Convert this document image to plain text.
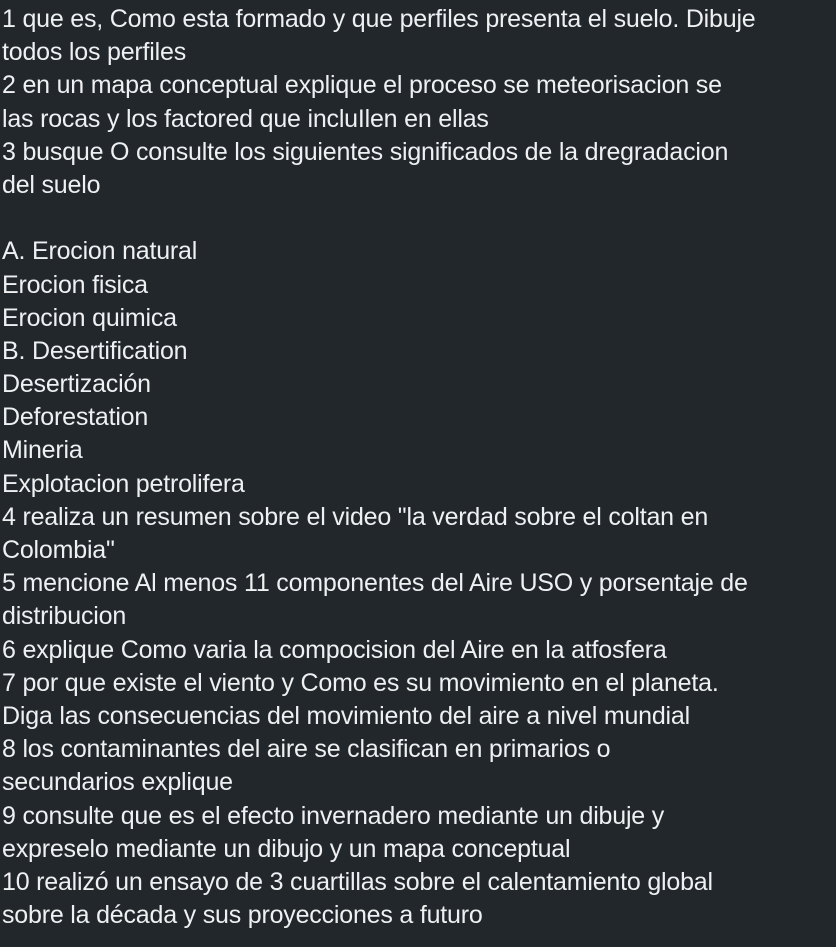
1 que es, Como esta formado y que perfiles presenta el suelo. Dibuje
todos los perfiles
2 en un mapa conceptual explique el proceso se meteorisacion se
las rocas y los factored que incluIlen en ellas
3 busque O consulte los siguientes significados de la dregradacion
del suelo
A. Erocion natural
Erocion fisica
Erocion quimica
B. Desertification
Desertización
Deforestation
Mineria
Explotacion petrolifera
4 realiza un resumen sobre el video "la verdad sobre el coltan en
Colombia"
5 mencione Al menos 11 componentes del Aire USO y porsentaje de
distribucion
6 explique Como varia la compocision del Aire en la atfosfera
7 por que existe el viento y Como es su movimiento en el planeta.
Diga las consecuencias del movimiento del aire a nivel mundial
8 los contaminantes del aire se clasifican en primarios o
secundarios explique
9 consulte que es el efecto invernadero mediante un dibuje y
expreselo mediante un dibujo y un mapa conceptual
10 realizó un ensayo de 3 cuartillas sobre el calentamiento global
sobre la década y sus proyecciones a futuro
